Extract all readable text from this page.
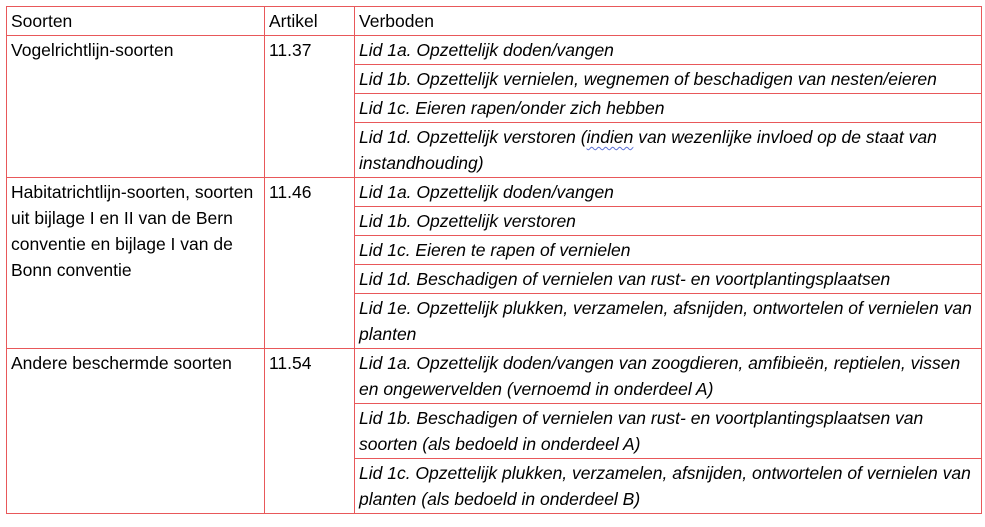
Soorten	Artikel	Verboden
Vogelrichtlijn-soorten	11.37	Lid 1a. Opzettelijk doden/vangen
		Lid 1b. Opzettelijk vernielen, wegnemen of beschadigen van nesten/eieren
		Lid 1c. Eieren rapen/onder zich hebben
		Lid 1d. Opzettelijk verstoren (indien van wezenlijke invloed op de staat van instandhouding)
Habitatrichtlijn-soorten, soorten uit bijlage I en II van de Bern conventie en bijlage I van de Bonn conventie	11.46	Lid 1a. Opzettelijk doden/vangen
		Lid 1b. Opzettelijk verstoren
		Lid 1c. Eieren te rapen of vernielen
		Lid 1d. Beschadigen of vernielen van rust- en voortplantingsplaatsen
		Lid 1e. Opzettelijk plukken, verzamelen, afsnijden, ontwortelen of vernielen van planten
Andere beschermde soorten	11.54	Lid 1a. Opzettelijk doden/vangen van zoogdieren, amfibieën, reptielen, vissen en ongewervelden (vernoemd in onderdeel A)
		Lid 1b. Beschadigen of vernielen van rust- en voortplantingsplaatsen van soorten (als bedoeld in onderdeel A)
		Lid 1c. Opzettelijk plukken, verzamelen, afsnijden, ontwortelen of vernielen van planten (als bedoeld in onderdeel B)
